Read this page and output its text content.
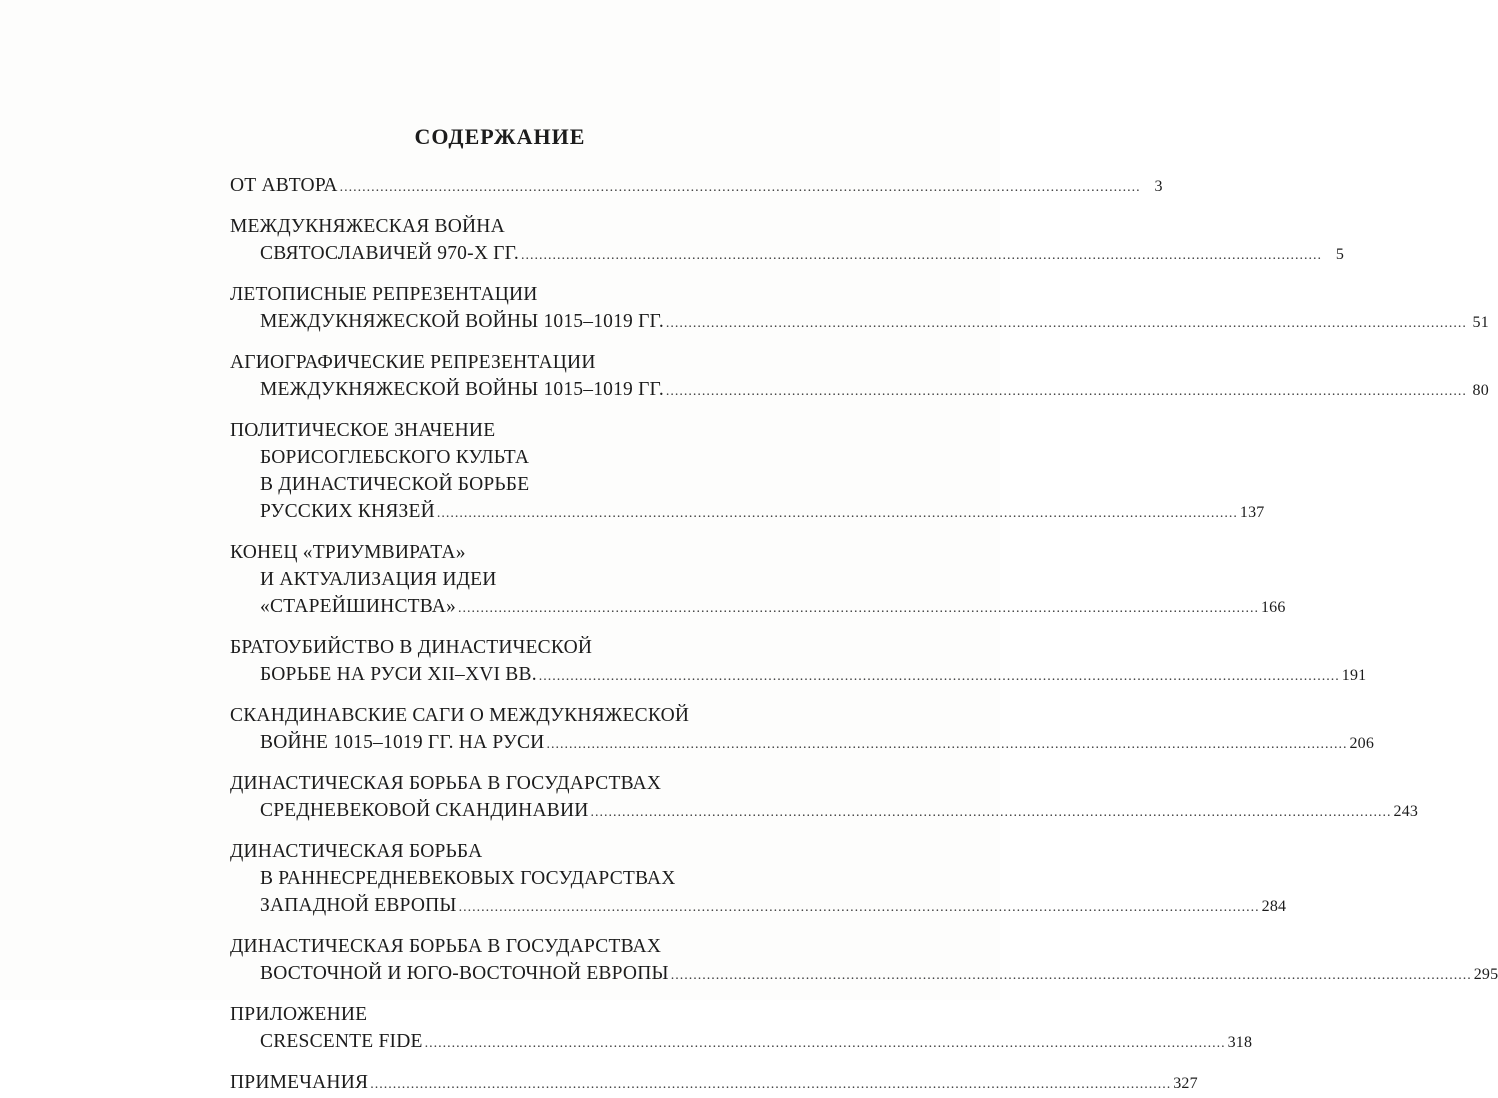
СОДЕРЖАНИЕ
ОТ АВТОРА .................................................................................................................................................................................. 3
МЕЖДУКНЯЖЕСКАЯ ВОЙНА
СВЯТОСЛАВИЧЕЙ 970-Х ГГ. .................................................................................................................................................................................. 5
ЛЕТОПИСНЫЕ РЕПРЕЗЕНТАЦИИ
МЕЖДУКНЯЖЕСКОЙ ВОЙНЫ 1015–1019 ГГ. .................................................................................................................................................................................. 51
АГИОГРАФИЧЕСКИЕ РЕПРЕЗЕНТАЦИИ
МЕЖДУКНЯЖЕСКОЙ ВОЙНЫ 1015–1019 ГГ. .................................................................................................................................................................................. 80
ПОЛИТИЧЕСКОЕ ЗНАЧЕНИЕ
БОРИСОГЛЕБСКОГО КУЛЬТА
В ДИНАСТИЧЕСКОЙ БОРЬБЕ
РУССКИХ КНЯЗЕЙ .................................................................................................................................................................................. 137
КОНЕЦ «ТРИУМВИРАТА»
И АКТУАЛИЗАЦИЯ ИДЕИ
«СТАРЕЙШИНСТВА» .................................................................................................................................................................................. 166
БРАТОУБИЙСТВО В ДИНАСТИЧЕСКОЙ
БОРЬБЕ НА РУСИ XII–XVI ВВ. .................................................................................................................................................................................. 191
СКАНДИНАВСКИЕ САГИ О МЕЖДУКНЯЖЕСКОЙ
ВОЙНЕ 1015–1019 ГГ. НА РУСИ .................................................................................................................................................................................. 206
ДИНАСТИЧЕСКАЯ БОРЬБА В ГОСУДАРСТВАХ
СРЕДНЕВЕКОВОЙ СКАНДИНАВИИ .................................................................................................................................................................................. 243
ДИНАСТИЧЕСКАЯ БОРЬБА
В РАННЕСРЕДНЕВЕКОВЫХ ГОСУДАРСТВАХ
ЗАПАДНОЙ ЕВРОПЫ .................................................................................................................................................................................. 284
ДИНАСТИЧЕСКАЯ БОРЬБА В ГОСУДАРСТВАХ
ВОСТОЧНОЙ И ЮГО-ВОСТОЧНОЙ ЕВРОПЫ .................................................................................................................................................................................. 295
ПРИЛОЖЕНИЕ
CRESCENTE FIDE .................................................................................................................................................................................. 318
ПРИМЕЧАНИЯ .................................................................................................................................................................................. 327
